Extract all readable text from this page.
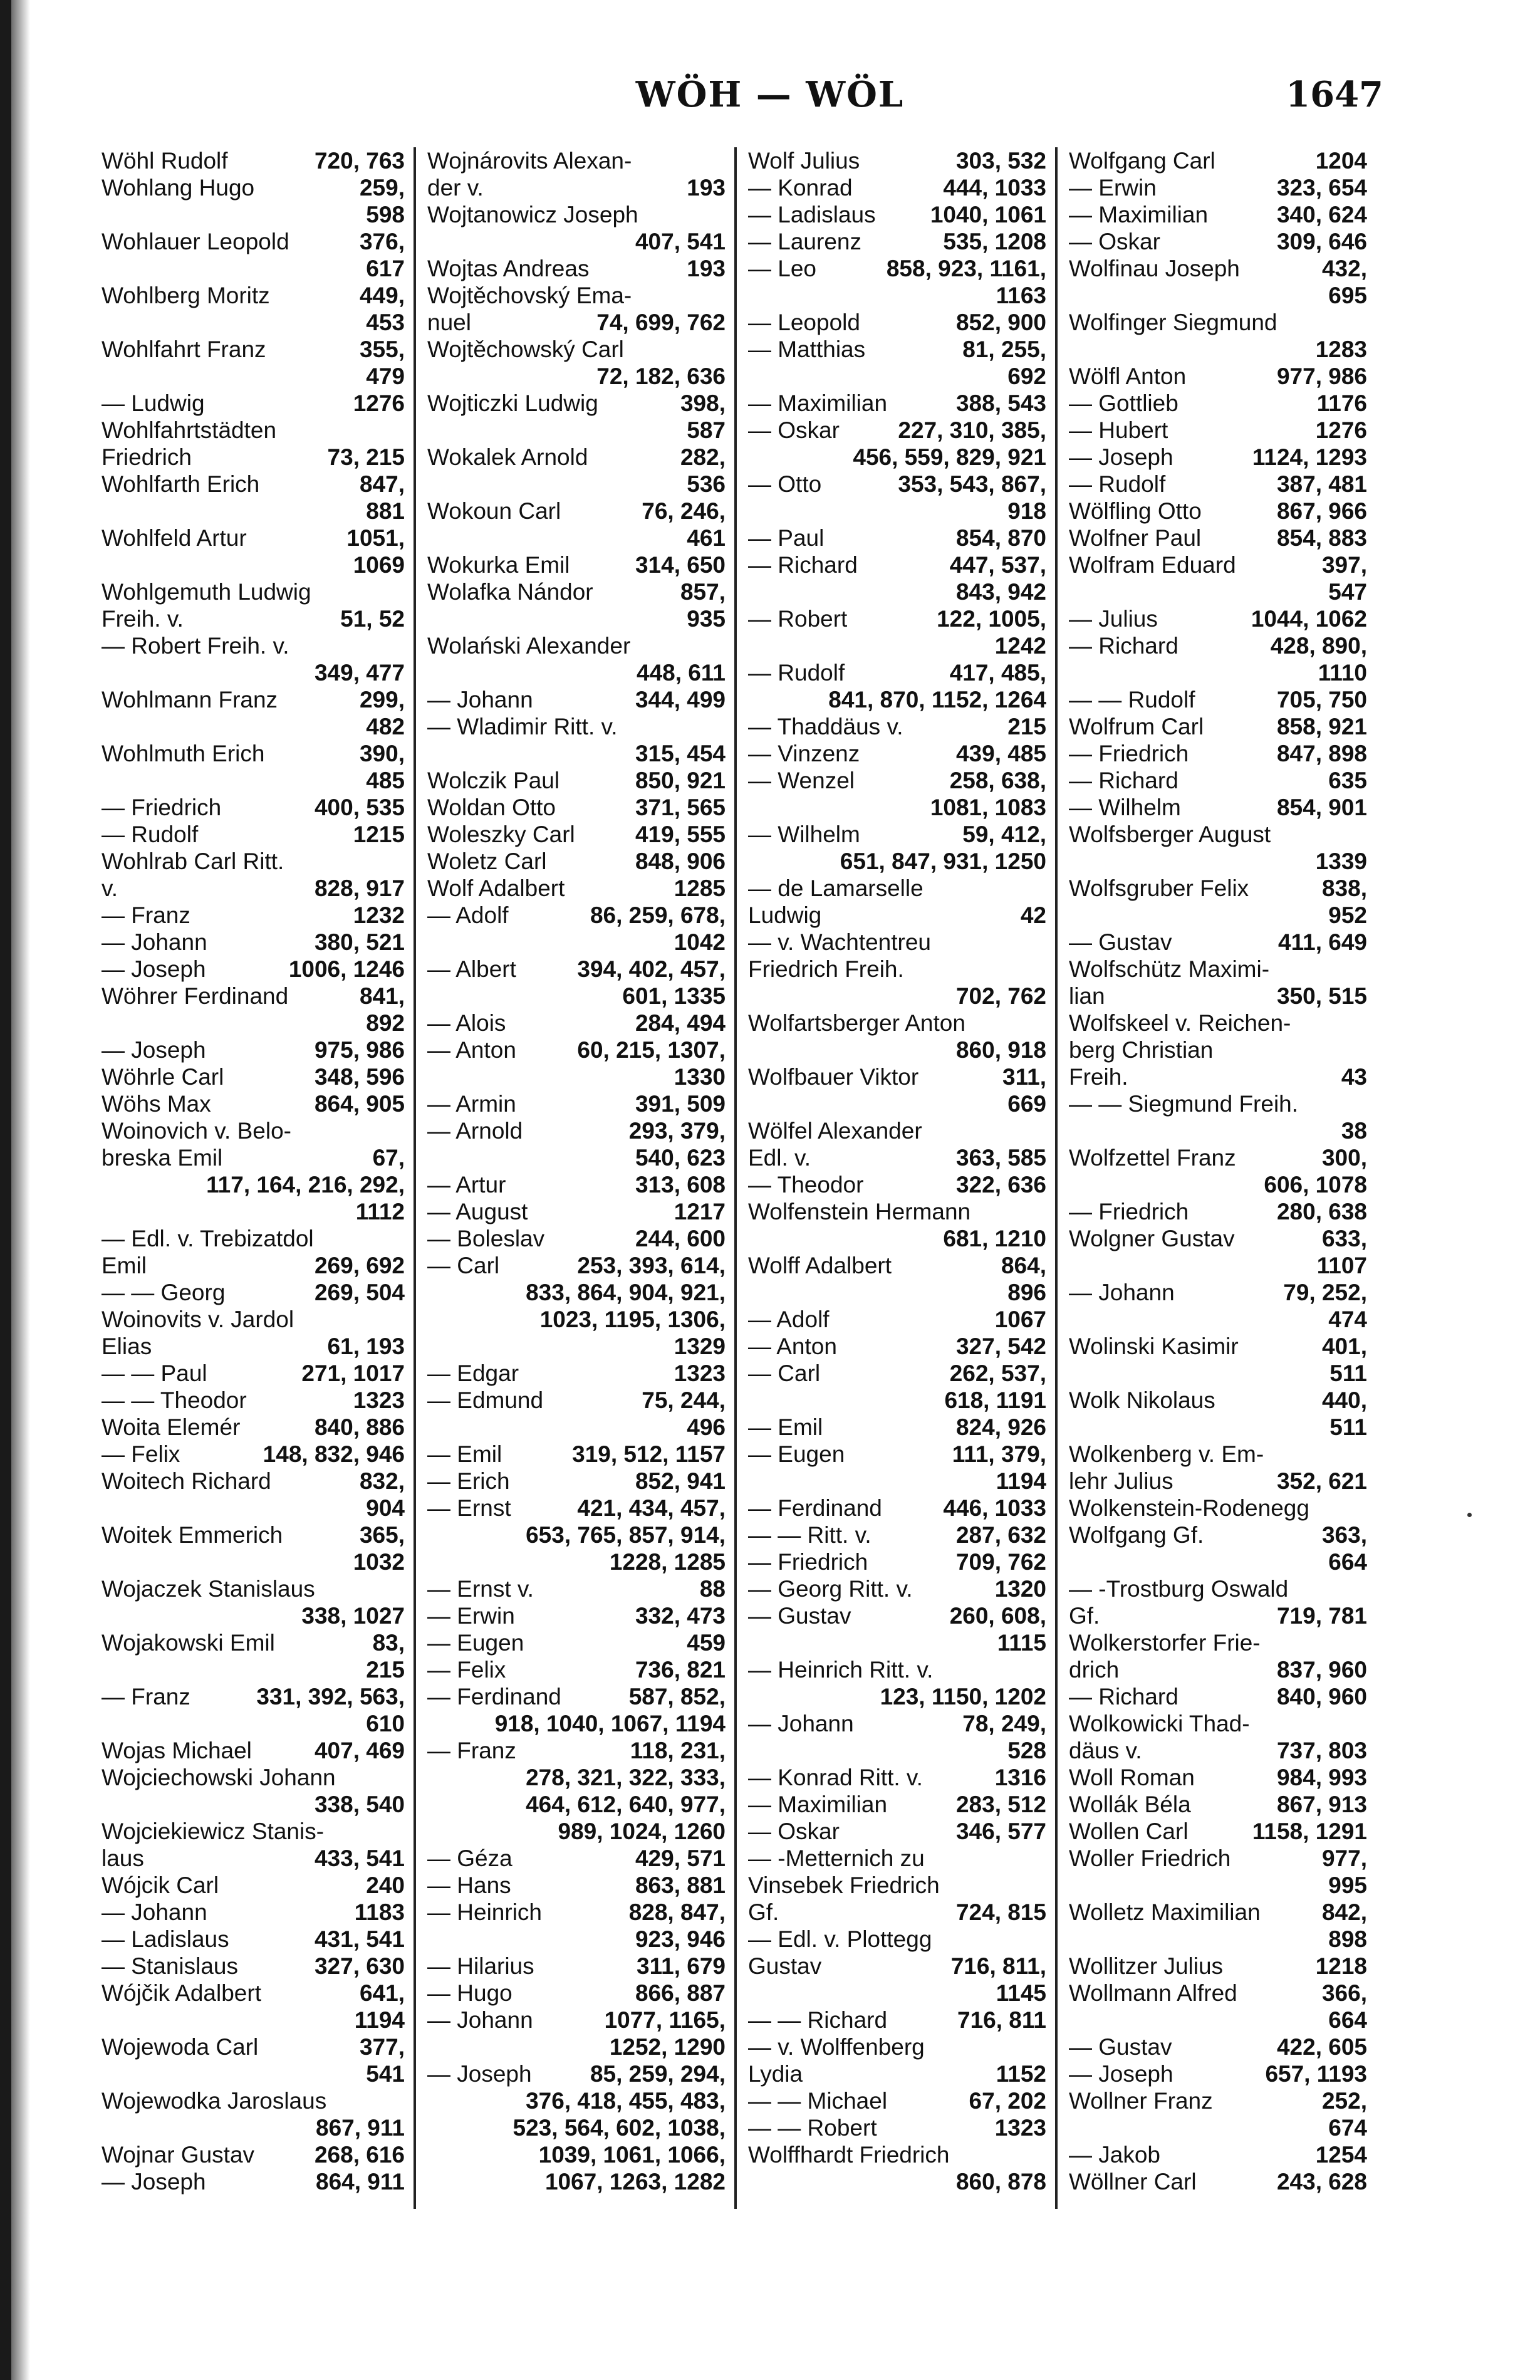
WÖH — WÖL	1647
Wöhl Rudolf	720, 763
Wohlang Hugo	259,
598
Wohlauer Leopold	376,
617
Wohlberg Moritz	449,
453
Wohlfahrt Franz	355,
479
— Ludwig	1276
Wohlfahrtstädten
Friedrich	73, 215
Wohlfarth Erich	847,
881
Wohlfeld Artur	1051,
1069
Wohlgemuth Ludwig
Freih. v.	51, 52
— Robert Freih. v.
349, 477
Wohlmann Franz	299,
482
Wohlmuth Erich	390,
485
— Friedrich	400, 535
— Rudolf	1215
Wohlrab Carl Ritt.
v.	828, 917
— Franz	1232
— Johann	380, 521
— Joseph	1006, 1246
Wöhrer Ferdinand	841,
892
— Joseph	975, 986
Wöhrle Carl	348, 596
Wöhs Max	864, 905
Woinovich v. Belo-
breska Emil	67,
117, 164, 216, 292,
1112
— Edl. v. Trebizatdol
Emil	269, 692
— — Georg	269, 504
Woinovits v. Jardol
Elias	61, 193
— — Paul	271, 1017
— — Theodor	1323
Woita Elemér	840, 886
— Felix	148, 832, 946
Woitech Richard	832,
904
Woitek Emmerich	365,
1032
Wojaczek Stanislaus
338, 1027
Wojakowski Emil	83,
215
— Franz	331, 392, 563,
610
Wojas Michael	407, 469
Wojciechowski Johann
338, 540
Wojciekiewicz Stanis-
laus	433, 541
Wójcik Carl	240
— Johann	1183
— Ladislaus	431, 541
— Stanislaus	327, 630
Wójčik Adalbert	641,
1194
Wojewoda Carl	377,
541
Wojewodka Jaroslaus
867, 911
Wojnar Gustav	268, 616
— Joseph	864, 911
Wojnárovits Alexan-
der v.	193
Wojtanowicz Joseph
407, 541
Wojtas Andreas	193
Wojtěchovský Ema-
nuel	74, 699, 762
Wojtěchowský Carl
72, 182, 636
Wojticzki Ludwig	398,
587
Wokalek Arnold	282,
536
Wokoun Carl	76, 246,
461
Wokurka Emil	314, 650
Wolafka Nándor	857,
935
Wolański Alexander
448, 611
— Johann	344, 499
— Wladimir Ritt. v.
315, 454
Wolczik Paul	850, 921
Woldan Otto	371, 565
Woleszky Carl	419, 555
Woletz Carl	848, 906
Wolf Adalbert	1285
— Adolf	86, 259, 678,
1042
— Albert	394, 402, 457,
601, 1335
— Alois	284, 494
— Anton	60, 215, 1307,
1330
— Armin	391, 509
— Arnold	293, 379,
540, 623
— Artur	313, 608
— August	1217
— Boleslav	244, 600
— Carl	253, 393, 614,
833, 864, 904, 921,
1023, 1195, 1306,
1329
— Edgar	1323
— Edmund	75, 244,
496
— Emil	319, 512, 1157
— Erich	852, 941
— Ernst	421, 434, 457,
653, 765, 857, 914,
1228, 1285
— Ernst v.	88
— Erwin	332, 473
— Eugen	459
— Felix	736, 821
— Ferdinand	587, 852,
918, 1040, 1067, 1194
— Franz	118, 231,
278, 321, 322, 333,
464, 612, 640, 977,
989, 1024, 1260
— Géza	429, 571
— Hans	863, 881
— Heinrich	828, 847,
923, 946
— Hilarius	311, 679
— Hugo	866, 887
— Johann	1077, 1165,
1252, 1290
— Joseph	85, 259, 294,
376, 418, 455, 483,
523, 564, 602, 1038,
1039, 1061, 1066,
1067, 1263, 1282
Wolf Julius	303, 532
— Konrad	444, 1033
— Ladislaus 1040, 1061
— Laurenz	535, 1208
— Leo	858, 923, 1161,
1163
— Leopold	852, 900
— Matthias	81, 255,
692
— Maximilian	388, 543
— Oskar	227, 310, 385,
456, 559, 829, 921
— Otto	353, 543, 867,
918
— Paul	854, 870
— Richard	447, 537,
843, 942
— Robert	122, 1005,
1242
— Rudolf	417, 485,
841, 870, 1152, 1264
— Thaddäus v.	215
— Vinzenz	439, 485
— Wenzel	258, 638,
1081, 1083
— Wilhelm	59, 412,
651, 847, 931, 1250
— de Lamarselle
Ludwig	42
— v. Wachtentreu
Friedrich Freih.
702, 762
Wolfartsberger Anton
860, 918
Wolfbauer Viktor	311,
669
Wölfel Alexander
Edl. v.	363, 585
— Theodor	322, 636
Wolfenstein Hermann
681, 1210
Wolff Adalbert	864,
896
— Adolf	1067
— Anton	327, 542
— Carl	262, 537,
618, 1191
— Emil	824, 926
— Eugen	111, 379,
1194
— Ferdinand	446, 1033
— — Ritt. v.	287, 632
— Friedrich	709, 762
— Georg Ritt. v.	1320
— Gustav	260, 608,
1115
— Heinrich Ritt. v.
123, 1150, 1202
— Johann	78, 249,
528
— Konrad Ritt. v.	1316
— Maximilian	283, 512
— Oskar	346, 577
— -Metternich zu
Vinsebek Friedrich
Gf.	724, 815
— Edl. v. Plottegg
Gustav	716, 811,
1145
— — Richard	716, 811
— v. Wolffenberg
Lydia	1152
— — Michael	67, 202
— — Robert	1323
Wolffhardt Friedrich
860, 878
Wolfgang Carl	1204
— Erwin	323, 654
— Maximilian	340, 624
— Oskar	309, 646
Wolfinau Joseph	432,
695
Wolfinger Siegmund
1283
Wölfl Anton	977, 986
— Gottlieb	1176
— Hubert	1276
— Joseph	1124, 1293
— Rudolf	387, 481
Wölfling Otto	867, 966
Wolfner Paul	854, 883
Wolfram Eduard	397,
547
— Julius	1044, 1062
— Richard	428, 890,
1110
— — Rudolf	705, 750
Wolfrum Carl	858, 921
— Friedrich	847, 898
— Richard	635
— Wilhelm	854, 901
Wolfsberger August
1339
Wolfsgruber Felix	838,
952
— Gustav	411, 649
Wolfschütz Maximi-
lian	350, 515
Wolfskeel v. Reichen-
berg Christian
Freih.	43
— — Siegmund Freih.
38
Wolfzettel Franz	300,
606, 1078
— Friedrich	280, 638
Wolgner Gustav	633,
1107
— Johann	79, 252,
474
Wolinski Kasimir	401,
511
Wolk Nikolaus	440,
511
Wolkenberg v. Em-
lehr Julius	352, 621
Wolkenstein-Rodenegg
Wolfgang Gf.	363,
664
— -Trostburg Oswald
Gf.	719, 781
Wolkerstorfer Frie-
drich	837, 960
— Richard	840, 960
Wolkowicki Thad-
däus v.	737, 803
Woll Roman	984, 993
Wollák Béla	867, 913
Wollen Carl	1158, 1291
Woller Friedrich	977,
995
Wolletz Maximilian	842,
898
Wollitzer Julius	1218
Wollmann Alfred	366,
664
— Gustav	422, 605
— Joseph	657, 1193
Wollner Franz	252,
674
— Jakob	1254
Wöllner Carl	243, 628
